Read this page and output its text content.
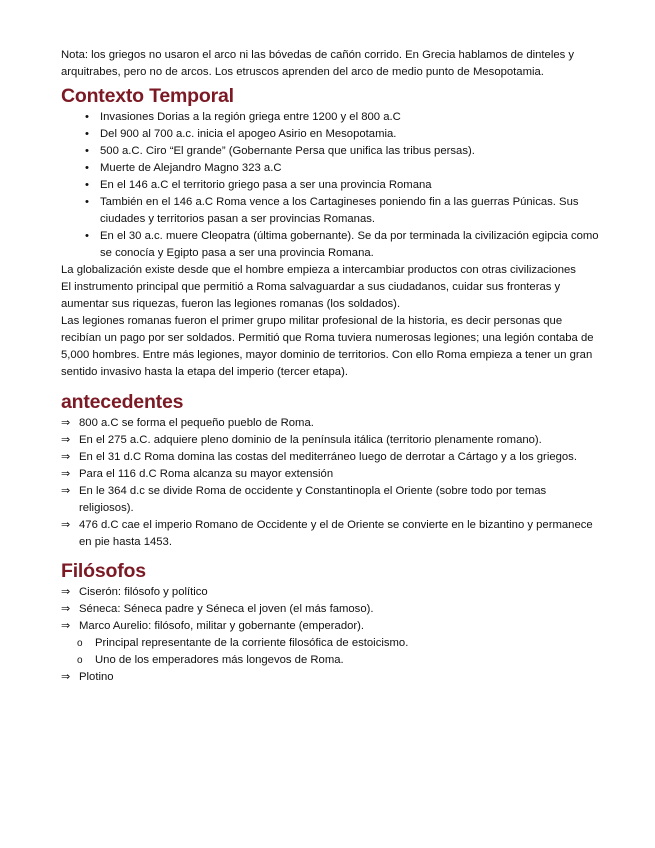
Nota: los griegos no usaron el arco ni las bóvedas de cañón corrido. En Grecia hablamos de dinteles y arquitrabes, pero no de arcos. Los etruscos aprenden del arco de medio punto de Mesopotamia.

Contexto Temporal
• Invasiones Dorias a la región griega entre 1200 y el 800 a.C
• Del 900 al 700 a.c. inicia el apogeo Asirio en Mesopotamia.
• 500 a.C. Ciro “El grande” (Gobernante Persa que unifica las tribus persas).
• Muerte de Alejandro Magno 323 a.C
• En el 146 a.C el territorio griego pasa a ser una provincia Romana
• También en el 146 a.C Roma vence a los Cartagineses poniendo fin a las guerras Púnicas. Sus ciudades y territorios pasan a ser provincias Romanas.
• En el 30 a.c. muere Cleopatra (última gobernante). Se da por terminada la civilización egipcia como se conocía y Egipto pasa a ser una provincia Romana.

La globalización existe desde que el hombre empieza a intercambiar productos con otras civilizaciones

El instrumento principal que permitió a Roma salvaguardar a sus ciudadanos, cuidar sus fronteras y aumentar sus riquezas, fueron las legiones romanas (los soldados).

Las legiones romanas fueron el primer grupo militar profesional de la historia, es decir personas que recibían un pago por ser soldados. Permitió que Roma tuviera numerosas legiones; una legión contaba de 5,000 hombres. Entre más legiones, mayor dominio de territorios. Con ello Roma empieza a tener un gran sentido invasivo hasta la etapa del imperio (tercer etapa).

antecedentes
⇒ 800 a.C se forma el pequeño pueblo de Roma.
⇒ En el 275 a.C. adquiere pleno dominio de la península itálica (territorio plenamente romano).
⇒ En el 31 d.C Roma domina las costas del mediterráneo luego de derrotar a Cártago y a los griegos.
⇒ Para el 116 d.C Roma alcanza su mayor extensión
⇒ En le 364 d.c se divide Roma de occidente y Constantinopla el Oriente (sobre todo por temas religiosos).
⇒ 476 d.C cae el imperio Romano de Occidente y el de Oriente se convierte en le bizantino y permanece en pie hasta 1453.
Filósofos
⇒ Ciserón: filósofo y político
⇒ Séneca: Séneca padre y Séneca el joven (el más famoso).
⇒ Marco Aurelio: filósofo, militar y gobernante (emperador).
o	Principal representante de la corriente filosófica de estoicismo.
o	Uno de los emperadores más longevos de Roma.
⇒ Plotino
